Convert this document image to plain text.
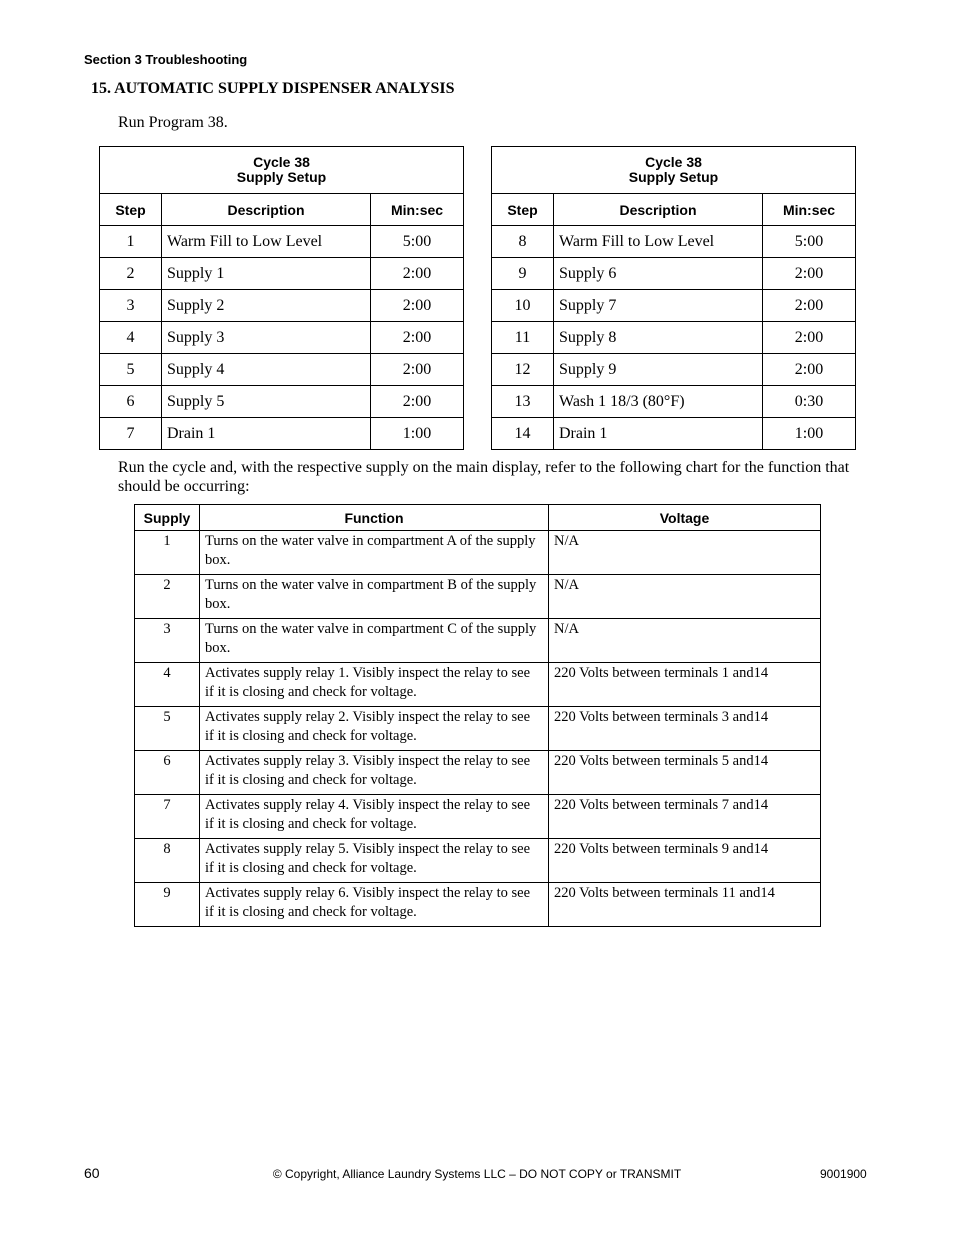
Section 3 Troubleshooting
15. AUTOMATIC SUPPLY DISPENSER ANALYSIS
Run Program 38.
Cycle 38
Supply Setup		

Step	Description	Min:sec
1	Warm Fill to Low Level	5:00
2	Supply 1	2:00
3	Supply 2	2:00
4	Supply 3	2:00
5	Supply 4	2:00
6	Supply 5	2:00
7	Drain 1	1:00
Cycle 38
Supply Setup		

Step	Description	Min:sec
8	Warm Fill to Low Level	5:00
9	Supply 6	2:00
10	Supply 7	2:00
11	Supply 8	2:00
12	Supply 9	2:00
13	Wash 1 18/3 (80°F)	0:30
14	Drain 1	1:00
Run the cycle and, with the respective supply on the main display, refer to the following chart for the function that should be occurring:
Supply	Function	Voltage
1	Turns on the water valve in compartment A of the supply box.	N/A
2	Turns on the water valve in compartment B of the supply box.	N/A
3	Turns on the water valve in compartment C of the supply box.	N/A
4	Activates supply relay 1. Visibly inspect the relay to see if it is closing and check for voltage.	220 Volts between terminals 1 and14
5	Activates supply relay 2. Visibly inspect the relay to see if it is closing and check for voltage.	220 Volts between terminals 3 and14
6	Activates supply relay 3. Visibly inspect the relay to see if it is closing and check for voltage.	220 Volts between terminals 5 and14
7	Activates supply relay 4. Visibly inspect the relay to see if it is closing and check for voltage.	220 Volts between terminals 7 and14
8	Activates supply relay 5. Visibly inspect the relay to see if it is closing and check for voltage.	220 Volts between terminals 9 and14
9	Activates supply relay 6. Visibly inspect the relay to see if it is closing and check for voltage.	220 Volts between terminals 11 and14
60	© Copyright, Alliance Laundry Systems LLC – DO NOT COPY or TRANSMIT	9001900
